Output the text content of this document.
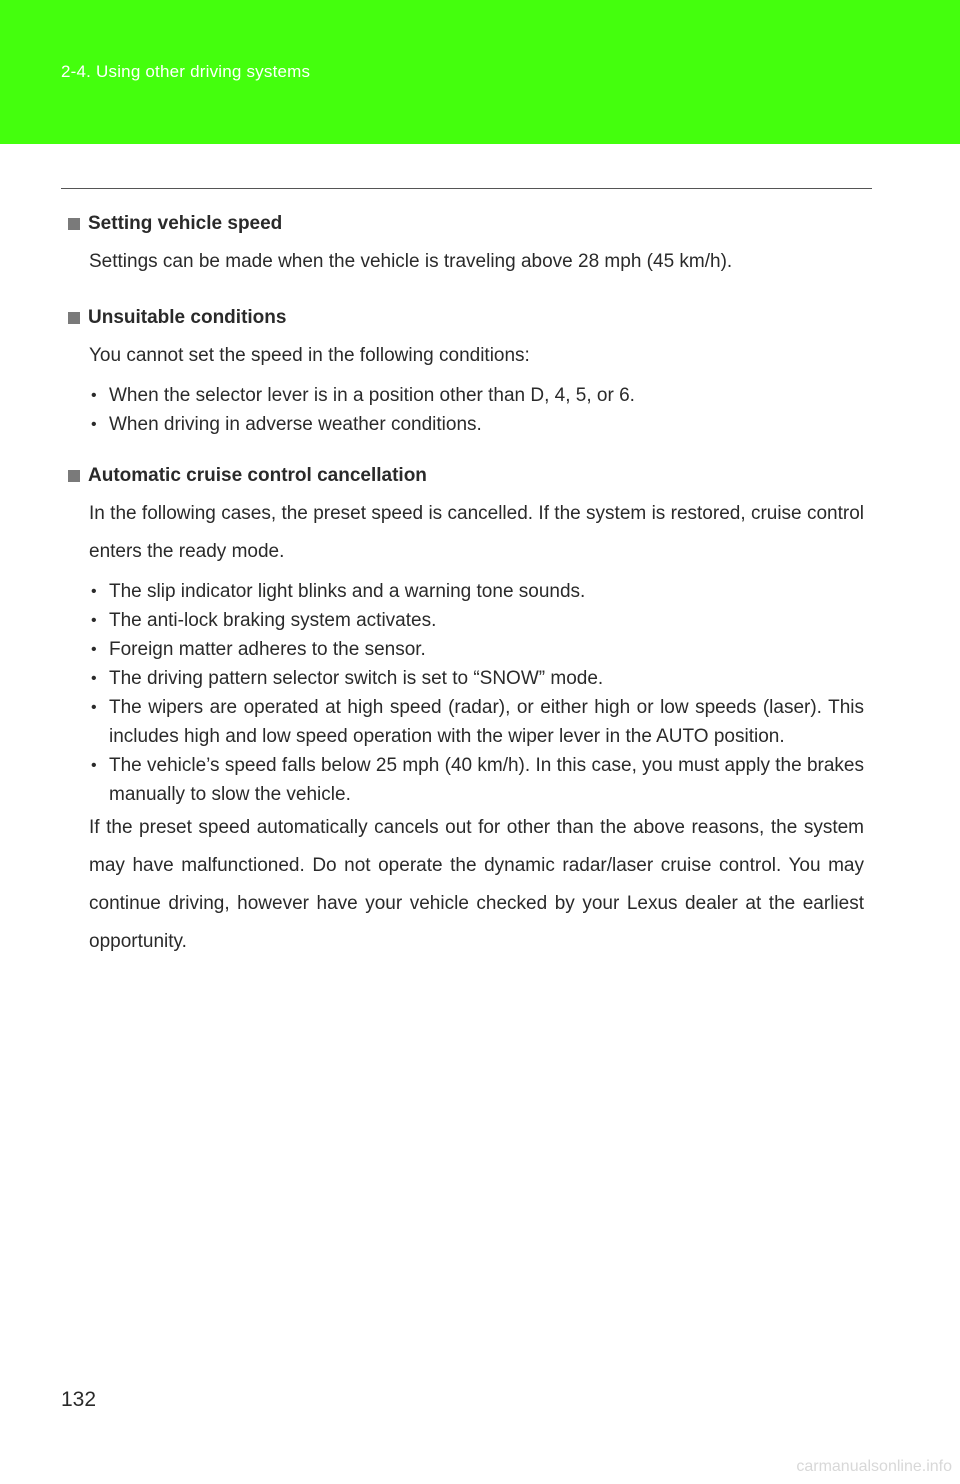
2-4. Using other driving systems
Setting vehicle speed

Settings can be made when the vehicle is traveling above 28 mph (45 km/h).

Unsuitable conditions

You cannot set the speed in the following conditions:

• When the selector lever is in a position other than D, 4, 5, or 6.
• When driving in adverse weather conditions.
Automatic cruise control cancellation

In the following cases, the preset speed is cancelled. If the system is restored, cruise control enters the ready mode.

• The slip indicator light blinks and a warning tone sounds.
• The anti-lock braking system activates.
• Foreign matter adheres to the sensor.
• The driving pattern selector switch is set to “SNOW” mode.
• The wipers are operated at high speed (radar), or either high or low speeds (laser). This includes high and low speed operation with the wiper lever in the AUTO position.
• The vehicle’s speed falls below 25 mph (40 km/h). In this case, you must apply the brakes manually to slow the vehicle.

If the preset speed automatically cancels out for other than the above reasons, the system may have malfunctioned. Do not operate the dynamic radar/laser cruise control. You may continue driving, however have your vehicle checked by your Lexus dealer at the earliest opportunity.

132
carmanualsonline.info
